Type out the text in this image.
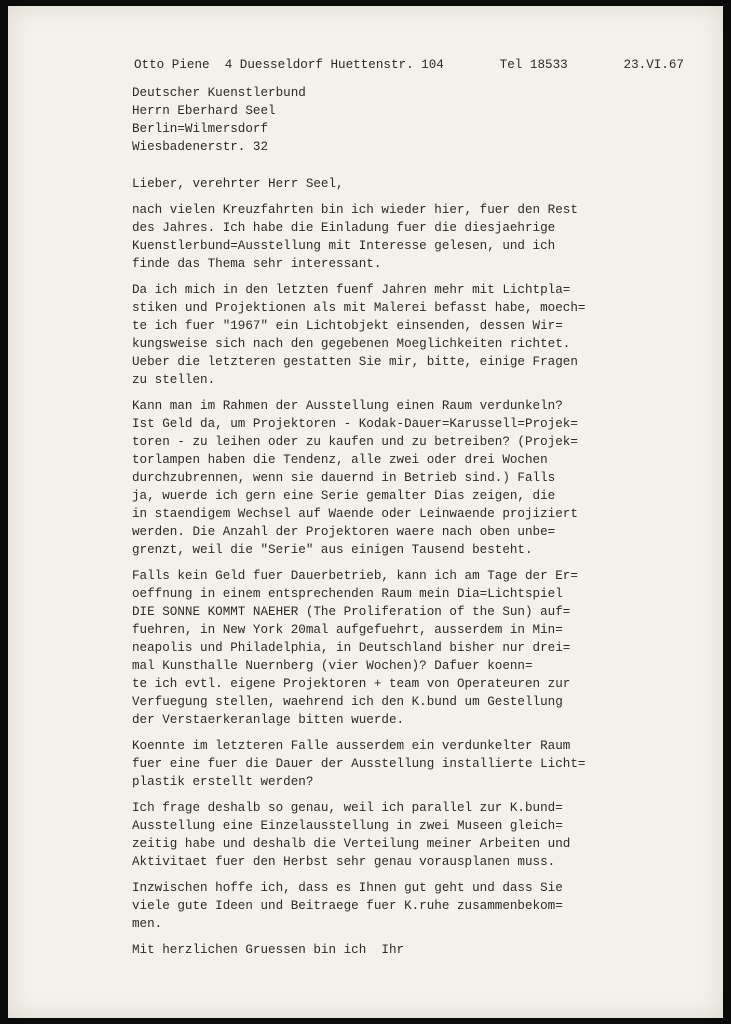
Otto Piene  4 Duesseldorf Huettenstr. 104	Tel 18533	23.VI.67
Deutscher Kuenstlerbund
Herrn Eberhard Seel
Berlin=Wilmersdorf
Wiesbadenerstr. 32
Lieber, verehrter Herr Seel,
nach vielen Kreuzfahrten bin ich wieder hier, fuer den Rest
des Jahres. Ich habe die Einladung fuer die diesjaehrige
Kuenstlerbund=Ausstellung mit Interesse gelesen, und ich
finde das Thema sehr interessant.
Da ich mich in den letzten fuenf Jahren mehr mit Lichtpla=
stiken und Projektionen als mit Malerei befasst habe, moech=
te ich fuer "1967" ein Lichtobjekt einsenden, dessen Wir=
kungsweise sich nach den gegebenen Moeglichkeiten richtet.
Ueber die letzteren gestatten Sie mir, bitte, einige Fragen
zu stellen.
Kann man im Rahmen der Ausstellung einen Raum verdunkeln?
Ist Geld da, um Projektoren - Kodak-Dauer=Karussell=Projek=
toren - zu leihen oder zu kaufen und zu betreiben? (Projek=
torlampen haben die Tendenz, alle zwei oder drei Wochen
durchzubrennen, wenn sie dauernd in Betrieb sind.) Falls
ja, wuerde ich gern eine Serie gemalter Dias zeigen, die
in staendigem Wechsel auf Waende oder Leinwaende projiziert
werden. Die Anzahl der Projektoren waere nach oben unbe=
grenzt, weil die "Serie" aus einigen Tausend besteht.
Falls kein Geld fuer Dauerbetrieb, kann ich am Tage der Er=
oeffnung in einem entsprechenden Raum mein Dia=Lichtspiel
DIE SONNE KOMMT NAEHER (The Proliferation of the Sun) auf=
fuehren, in New York 20mal aufgefuehrt, ausserdem in Min=
neapolis und Philadelphia, in Deutschland bisher nur drei=
mal Kunsthalle Nuernberg (vier Wochen)? Dafuer koenn=
te ich evtl. eigene Projektoren + team von Operateuren zur
Verfuegung stellen, waehrend ich den K.bund um Gestellung
der Verstaerkeranlage bitten wuerde.
Koennte im letzteren Falle ausserdem ein verdunkelter Raum
fuer eine fuer die Dauer der Ausstellung installierte Licht=
plastik erstellt werden?
Ich frage deshalb so genau, weil ich parallel zur K.bund=
Ausstellung eine Einzelausstellung in zwei Museen gleich=
zeitig habe und deshalb die Verteilung meiner Arbeiten und
Aktivitaet fuer den Herbst sehr genau vorausplanen muss.
Inzwischen hoffe ich, dass es Ihnen gut geht und dass Sie
viele gute Ideen und Beitraege fuer K.ruhe zusammenbekom=
men.
Mit herzlichen Gruessen bin ich  Ihr
